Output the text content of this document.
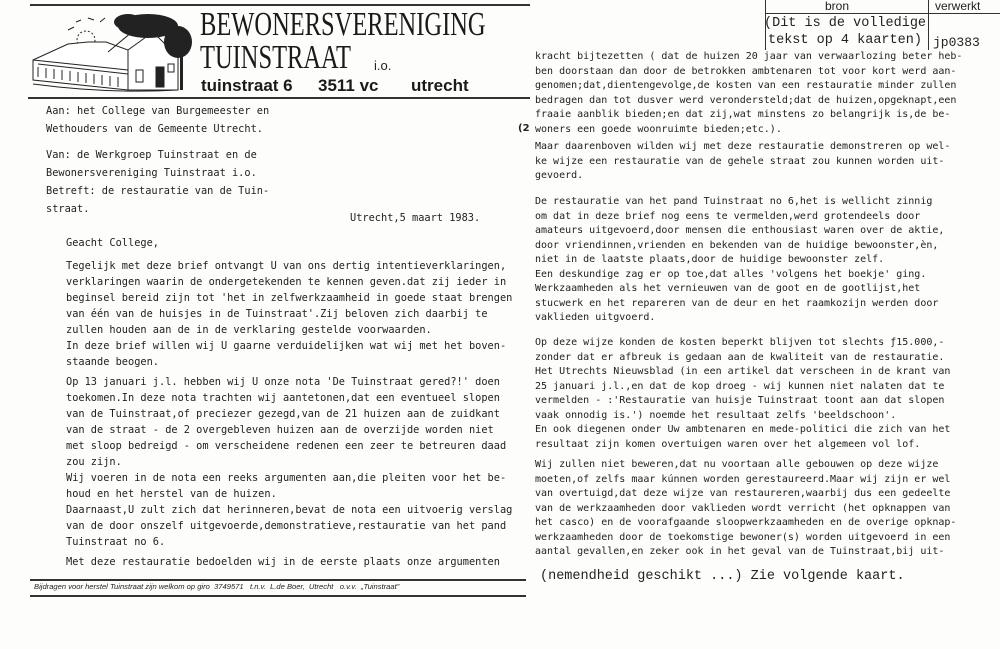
BEWONERSVERENIGING
TUINSTRAAT i.o.
tuinstraat 6 3511 vc utrecht
bron	verwerkt
(Dit is de volledige
tekst op 4 kaarten) jp0383
(2
Aan: het College van Burgemeester en
Wethouders van de Gemeente Utrecht.
Van: de Werkgroep Tuinstraat en de
Bewonersvereniging Tuinstraat i.o.
Betreft: de restauratie van de Tuin-
straat.
Utrecht,5 maart 1983.
Geacht College,
Tegelijk met deze brief ontvangt U van ons dertig intentieverklaringen,
verklaringen waarin de ondergetekenden te kennen geven.dat zij ieder in
beginsel bereid zijn tot 'het in zelfwerkzaamheid in goede staat brengen
van één van de huisjes in de Tuinstraat'.Zij beloven zich daarbij te
zullen houden aan de in de verklaring gestelde voorwaarden.
In deze brief willen wij U gaarne verduidelijken wat wij met het boven-
staande beogen.
Op 13 januari j.l. hebben wij U onze nota 'De Tuinstraat gered?!' doen
toekomen.In deze nota trachten wij aantetonen,dat een eventueel slopen
van de Tuinstraat,of preciezer gezegd,van de 21 huizen aan de zuidkant
van de straat - de 2 overgebleven huizen aan de overzijde worden niet
met sloop bedreigd - om verscheidene redenen een zeer te betreuren daad
zou zijn.
Wij voeren in de nota een reeks argumenten aan,die pleiten voor het be-
houd en het herstel van de huizen.
Daarnaast,U zult zich dat herinneren,bevat de nota een uitvoerig verslag
van de door onszelf uitgevoerde,demonstratieve,restauratie van het pand
Tuinstraat no 6.
Met deze restauratie bedoelden wij in de eerste plaats onze argumenten
Bijdragen voor herstel Tuinstraat zijn welkom op giro  3749571   t.n.v.  L.de Boer,  Utrecht   o.v.v.  „Tuinstraat”
kracht bijtezetten ( dat de huizen 20 jaar van verwaarlozing beter heb-
ben doorstaan dan door de betrokken ambtenaren tot voor kort werd aan-
genomen;dat,dientengevolge,de kosten van een restauratie minder zullen
bedragen dan tot dusver werd verondersteld;dat de huizen,opgeknapt,een
fraaie aanblik bieden;en dat zij,wat minstens zo belangrijk is,de be-
woners een goede woonruimte bieden;etc.).
Maar daarenboven wilden wij met deze restauratie demonstreren op wel-
ke wijze een restauratie van de gehele straat zou kunnen worden uit-
gevoerd.
De restauratie van het pand Tuinstraat no 6,het is wellicht zinnig
om dat in deze brief nog eens te vermelden,werd grotendeels door
amateurs uitgevoerd,door mensen die enthousiast waren over de aktie,
door vriendinnen,vrienden en bekenden van de huidige bewoonster,èn,
niet in de laatste plaats,door de huidige bewoonster zelf.
Een deskundige zag er op toe,dat alles 'volgens het boekje' ging.
Werkzaamheden als het vernieuwen van de goot en de gootlijst,het
stucwerk en het repareren van de deur en het raamkozijn werden door
vaklieden uitgvoerd.
Op deze wijze konden de kosten beperkt blijven tot slechts ƒ15.000,-
zonder dat er afbreuk is gedaan aan de kwaliteit van de restauratie.
Het Utrechts Nieuwsblad (in een artikel dat verscheen in de krant van
25 januari j.l.,en dat de kop droeg - wij kunnen niet nalaten dat te
vermelden - :'Restauratie van huisje Tuinstraat toont aan dat slopen
vaak onnodig is.') noemde het resultaat zelfs 'beeldschoon'.
En ook diegenen onder Uw ambtenaren en mede-politici die zich van het
resultaat zijn komen overtuigen waren over het algemeen vol lof.
Wij zullen niet beweren,dat nu voortaan alle gebouwen op deze wijze
moeten,of zelfs maar kúnnen worden gerestaureerd.Maar wij zijn er wel
van overtuigd,dat deze wijze van restaureren,waarbij dus een gedeelte
van de werkzaamheden door vaklieden wordt verricht (het opknappen van
het casco) en de voorafgaande sloopwerkzaamheden en de overige opknap-
werkzaamheden door de toekomstige bewoner(s) worden uitgevoerd in een
aantal gevallen,en zeker ook in het geval van de Tuinstraat,bij uit-
(nemendheid geschikt ...) Zie volgende kaart.
